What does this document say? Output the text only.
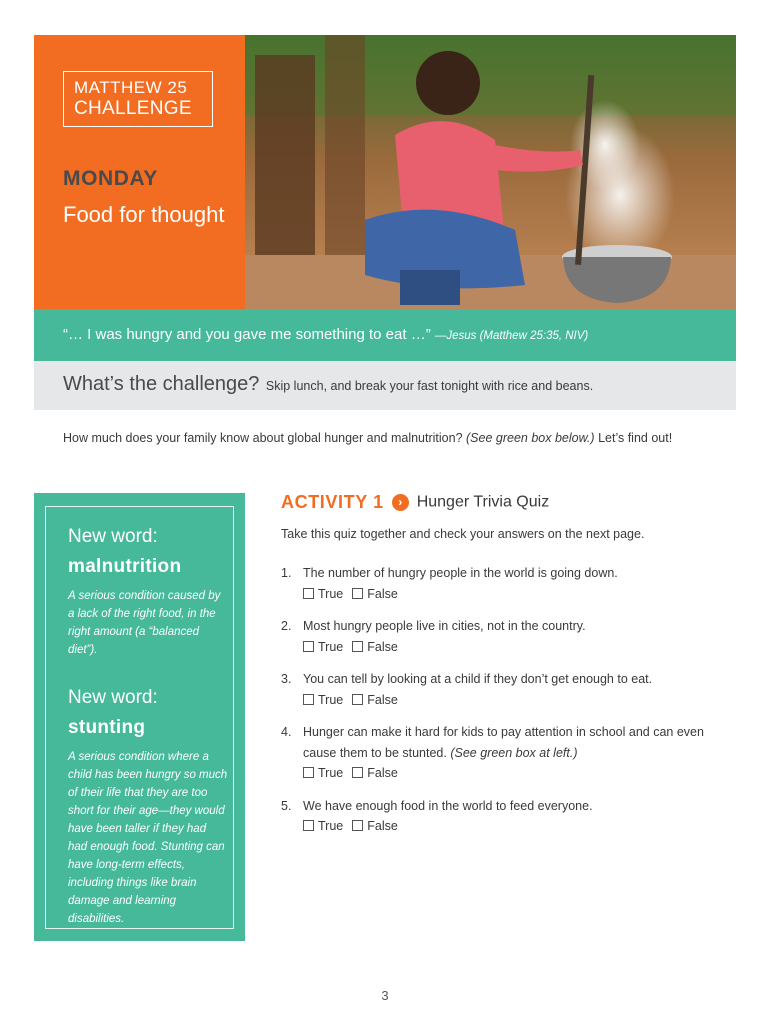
MATTHEW 25
CHALLENGE
MONDAY
Food for thought
“… I was hungry and you gave me something to eat …” —Jesus (Matthew 25:35, NIV)
What’s the challenge? Skip lunch, and break your fast tonight with rice and beans.
How much does your family know about global hunger and malnutrition? (See green box below.) Let’s find out!
New word:
malnutrition
A serious condition caused by a lack of the right food, in the right amount (a “balanced diet”).
New word:
stunting
A serious condition where a child has been hungry so much of their life that they are too short for their age—they would have been taller if they had had enough food. Stunting can have long-term effects, including things like brain damage and learning disabilities.
ACTIVITY 1 › Hunger Trivia Quiz
Take this quiz together and check your answers on the next page.
1. The number of hungry people in the world is going down.
True False
2. Most hungry people live in cities, not in the country.
True False
3. You can tell by looking at a child if they don’t get enough to eat.
True False
4. Hunger can make it hard for kids to pay attention in school and can even cause them to be stunted. (See green box at left.)
True False
5. We have enough food in the world to feed everyone.
True False
3
